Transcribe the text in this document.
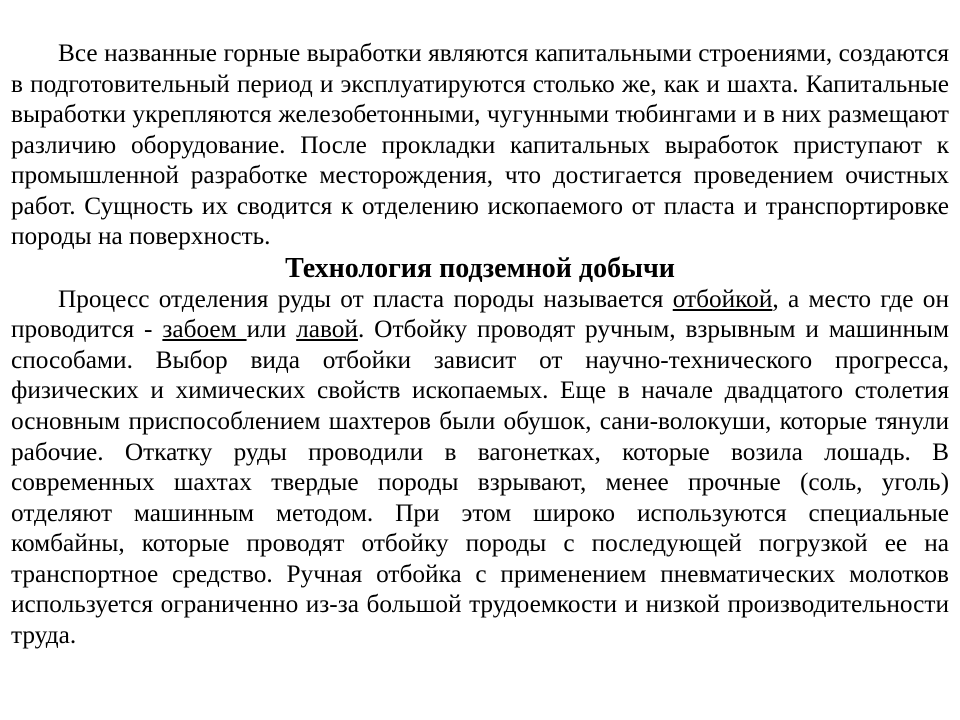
Все названные горные выработки являются капитальными строениями, создаются в подготовительный период и эксплуатируются столько же, как и шахта. Капитальные выработки укрепляются железобетонными, чугунными тюбингами и в них размещают различию оборудование. После прокладки капитальных выработок приступают к промышленной разработке месторождения, что достигается проведением очистных работ. Сущность их сводится к отделению ископаемого от пласта и транспортировке породы на поверхность.

Технология подземной добычи

Процесс отделения руды от пласта породы называется отбойкой, а место где он проводится - забоем или лавой. Отбойку проводят ручным, взрывным и машинным способами. Выбор вида отбойки зависит от научно-технического прогресса, физических и химических свойств ископаемых. Еще в начале двадцатого столетия основным приспособлением шахтеров были обушок, сани-волокуши, которые тянули рабочие. Откатку руды проводили в вагонетках, которые возила лошадь. В современных шахтах твердые породы взрывают, менее прочные (соль, уголь) отделяют машинным методом. При этом широко используются специальные комбайны, которые проводят отбойку породы с последующей погрузкой ее на транспортное средство. Ручная отбойка с применением пневматических молотков используется ограниченно из-за большой трудоемкости и низкой производительности труда.
